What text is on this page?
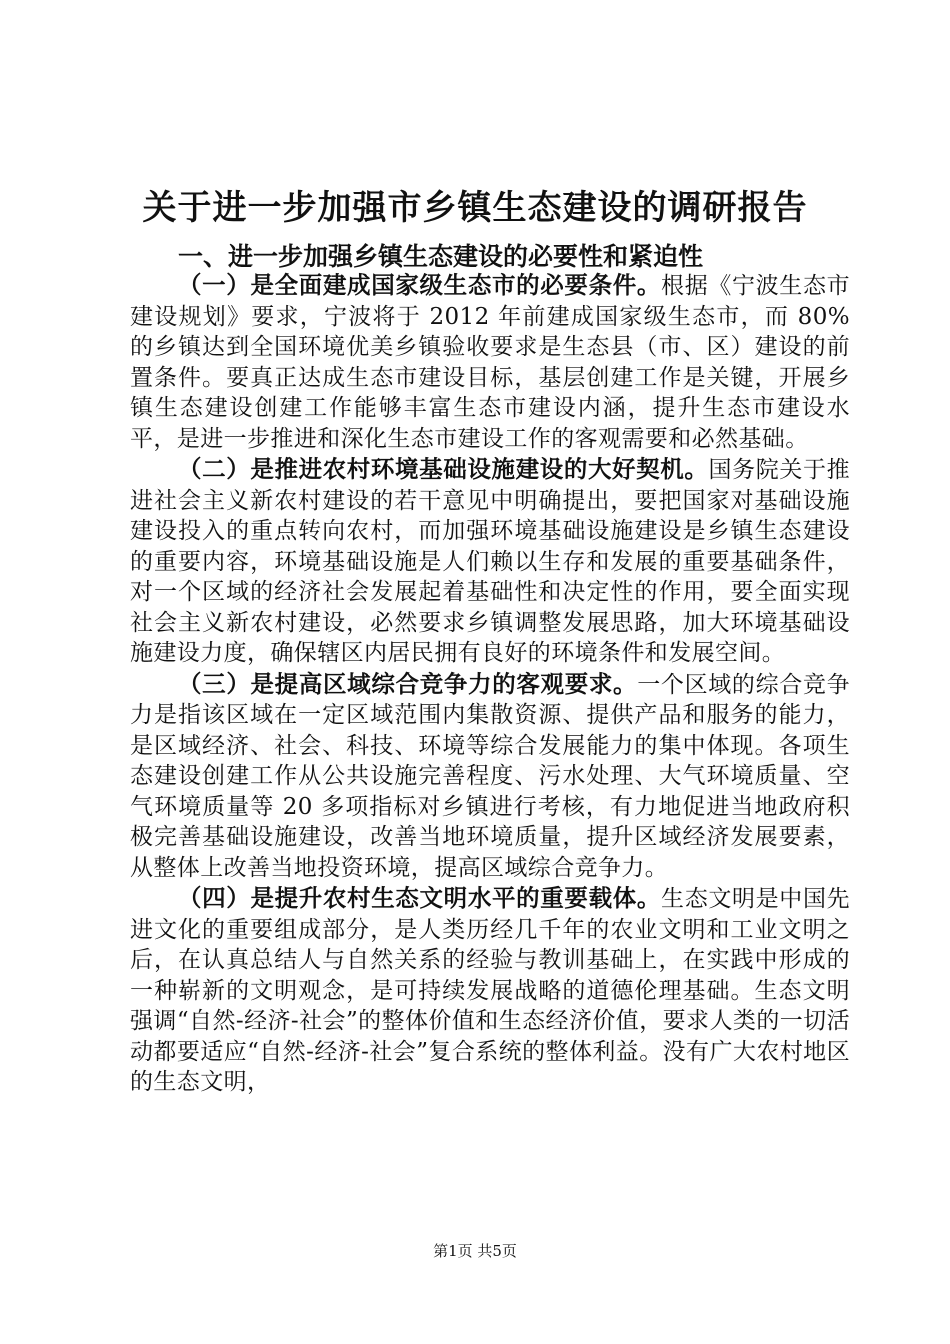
关于进一步加强市乡镇生态建设的调研报告
一、进一步加强乡镇生态建设的必要性和紧迫性

（一）是全面建成国家级生态市的必要条件。根据《宁波生态市建设规划》要求，宁波将于 2012 年前建成国家级生态市，而 80%的乡镇达到全国环境优美乡镇验收要求是生态县（市、区）建设的前置条件。要真正达成生态市建设目标，基层创建工作是关键，开展乡镇生态建设创建工作能够丰富生态市建设内涵，提升生态市建设水平，是进一步推进和深化生态市建设工作的客观需要和必然基础。

（二）是推进农村环境基础设施建设的大好契机。国务院关于推进社会主义新农村建设的若干意见中明确提出，要把国家对基础设施建设投入的重点转向农村，而加强环境基础设施建设是乡镇生态建设的重要内容，环境基础设施是人们赖以生存和发展的重要基础条件，对一个区域的经济社会发展起着基础性和决定性的作用，要全面实现社会主义新农村建设，必然要求乡镇调整发展思路，加大环境基础设施建设力度，确保辖区内居民拥有良好的环境条件和发展空间。

（三）是提高区域综合竞争力的客观要求。一个区域的综合竞争力是指该区域在一定区域范围内集散资源、提供产品和服务的能力，是区域经济、社会、科技、环境等综合发展能力的集中体现。各项生态建设创建工作从公共设施完善程度、污水处理、大气环境质量、空气环境质量等 20 多项指标对乡镇进行考核，有力地促进当地政府积极完善基础设施建设，改善当地环境质量，提升区域经济发展要素，从整体上改善当地投资环境，提高区域综合竞争力。

（四）是提升农村生态文明水平的重要载体。生态文明是中国先进文化的重要组成部分，是人类历经几千年的农业文明和工业文明之后，在认真总结人与自然关系的经验与教训基础上，在实践中形成的一种崭新的文明观念，是可持续发展战略的道德伦理基础。生态文明强调“自然-经济-社会”的整体价值和生态经济价值，要求人类的一切活动都要适应“自然-经济-社会”复合系统的整体利益。没有广大农村地区的生态文明，

第1页 共5页
